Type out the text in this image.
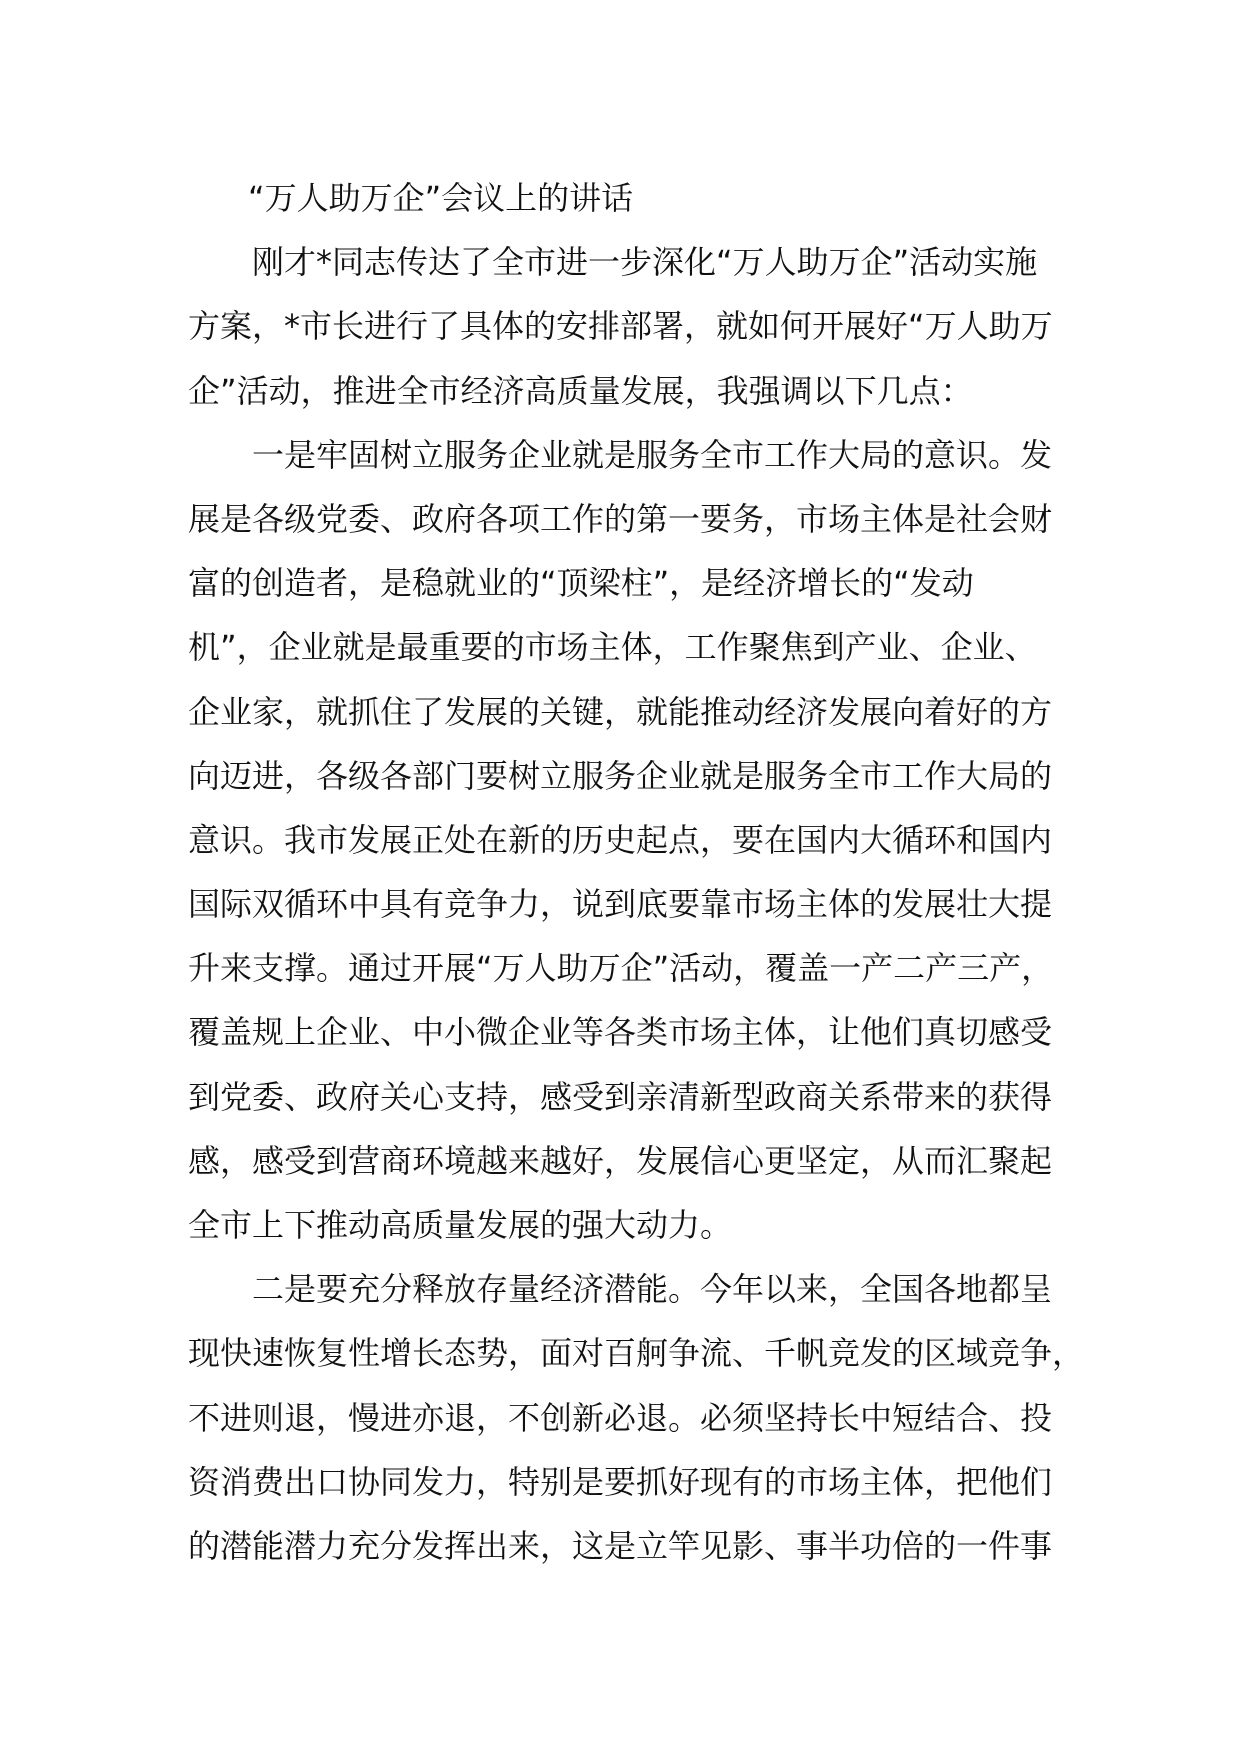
“万人助万企”会议上的讲话
　　刚才*同志传达了全市进一步深化“万人助万企”活动实施
方案，*市长进行了具体的安排部署，就如何开展好“万人助万
企”活动，推进全市经济高质量发展，我强调以下几点：
　　一是牢固树立服务企业就是服务全市工作大局的意识。发
展是各级党委、政府各项工作的第一要务，市场主体是社会财
富的创造者，是稳就业的“顶梁柱”，是经济增长的“发动
机”，企业就是最重要的市场主体，工作聚焦到产业、企业、
企业家，就抓住了发展的关键，就能推动经济发展向着好的方
向迈进，各级各部门要树立服务企业就是服务全市工作大局的
意识。我市发展正处在新的历史起点，要在国内大循环和国内
国际双循环中具有竞争力，说到底要靠市场主体的发展壮大提
升来支撑。通过开展“万人助万企”活动，覆盖一产二产三产，
覆盖规上企业、中小微企业等各类市场主体，让他们真切感受
到党委、政府关心支持，感受到亲清新型政商关系带来的获得
感，感受到营商环境越来越好，发展信心更坚定，从而汇聚起
全市上下推动高质量发展的强大动力。
　　二是要充分释放存量经济潜能。今年以来，全国各地都呈
现快速恢复性增长态势，面对百舸争流、千帆竞发的区域竞争，
不进则退，慢进亦退，不创新必退。必须坚持长中短结合、投
资消费出口协同发力，特别是要抓好现有的市场主体，把他们
的潜能潜力充分发挥出来，这是立竿见影、事半功倍的一件事
